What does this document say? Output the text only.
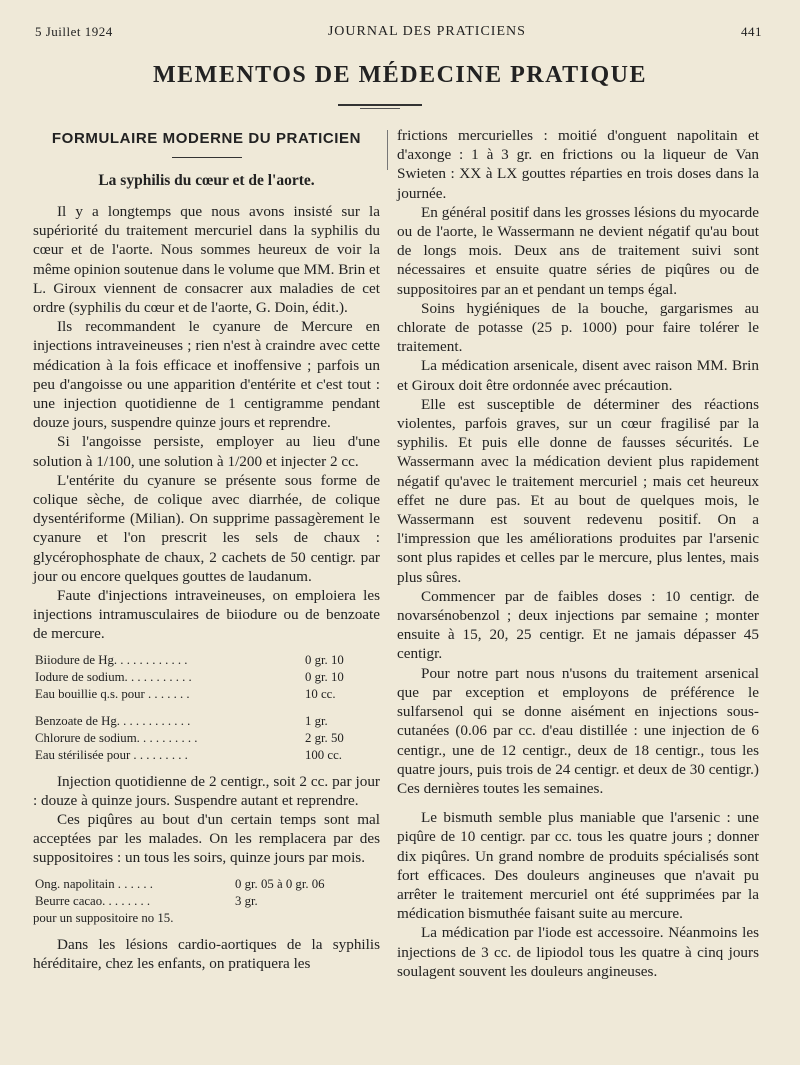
5 Juillet 1924	JOURNAL DES PRATICIENS	441
MEMENTOS DE MÉDECINE PRATIQUE
FORMULAIRE MODERNE DU PRATICIEN
La syphilis du cœur et de l'aorte.

Il y a longtemps que nous avons insisté sur la supériorité du traitement mercuriel dans la syphilis du cœur et de l'aorte. Nous sommes heureux de voir la même opinion soutenue dans le volume que MM. Brin et L. Giroux viennent de consacrer aux maladies de cet ordre (syphilis du cœur et de l'aorte, G. Doin, édit.).

Ils recommandent le cyanure de Mercure en injections intraveineuses ; rien n'est à craindre avec cette médication à la fois efficace et inoffensive ; parfois un peu d'angoisse ou une apparition d'entérite et c'est tout : une injection quotidienne de 1 centigramme pendant douze jours, suspendre quinze jours et reprendre.

Si l'angoisse persiste, employer au lieu d'une solution à 1/100, une solution à 1/200 et injecter 2 cc.

L'entérite du cyanure se présente sous forme de colique sèche, de colique avec diarrhée, de colique dysentériforme (Milian). On supprime passagèrement le cyanure et l'on prescrit les sels de chaux : glycérophosphate de chaux, 2 cachets de 50 centigr. par jour ou encore quelques gouttes de laudanum.

Faute d'injections intraveineuses, on emploiera les injections intramusculaires de biiodure ou de benzoate de mercure.

Biiodure de Hg. . . . . . . . . . . .	0 gr. 10
Iodure de sodium. . . . . . . . . . .	0 gr. 10
Eau bouillie q.s. pour . . . . . . .	10 cc.
Benzoate de Hg. . . . . . . . . . . .	1 gr.
Chlorure de sodium. . . . . . . . . .	2 gr. 50
Eau stérilisée pour . . . . . . . . .	100 cc.

Injection quotidienne de 2 centigr., soit 2 cc. par jour : douze à quinze jours. Suspendre autant et reprendre.

Ces piqûres au bout d'un certain temps sont mal acceptées par les malades. On les remplacera par des suppositoires : un tous les soirs, quinze jours par mois.

Ong. napolitain . . . . . .	0 gr. 05 à 0 gr. 06
Beurre cacao. . . . . . . .	3 gr.
pour un suppositoire no 15.

Dans les lésions cardio-aortiques de la syphilis héréditaire, chez les enfants, on pratiquera les

frictions mercurielles : moitié d'onguent napolitain et d'axonge : 1 à 3 gr. en frictions ou la liqueur de Van Swieten : XX à LX gouttes réparties en trois doses dans la journée.

En général positif dans les grosses lésions du myocarde ou de l'aorte, le Wassermann ne devient négatif qu'au bout de longs mois. Deux ans de traitement suivi sont nécessaires et ensuite quatre séries de piqûres ou de suppositoires par an et pendant un temps égal.

Soins hygiéniques de la bouche, gargarismes au chlorate de potasse (25 p. 1000) pour faire tolérer le traitement.

La médication arsenicale, disent avec raison MM. Brin et Giroux doit être ordonnée avec précaution.

Elle est susceptible de déterminer des réactions violentes, parfois graves, sur un cœur fragilisé par la syphilis. Et puis elle donne de fausses sécurités. Le Wassermann avec la médication devient plus rapidement négatif qu'avec le traitement mercuriel ; mais cet heureux effet ne dure pas. Et au bout de quelques mois, le Wassermann est souvent redevenu positif. On a l'impression que les améliorations produites par l'arsenic sont plus rapides et celles par le mercure, plus lentes, mais plus sûres.

Commencer par de faibles doses : 10 centigr. de novarsénobenzol ; deux injections par semaine ; monter ensuite à 15, 20, 25 centigr. Et ne jamais dépasser 45 centigr.

Pour notre part nous n'usons du traitement arsenical que par exception et employons de préférence le sulfarsenol qui se donne aisément en injections sous-cutanées (0.06 par cc. d'eau distillée : une injection de 6 centigr., une de 12 centigr., deux de 18 centigr., tous les quatre jours, puis trois de 24 centigr. et deux de 30 centigr.) Ces dernières toutes les semaines.

Le bismuth semble plus maniable que l'arsenic : une piqûre de 10 centigr. par cc. tous les quatre jours ; donner dix piqûres. Un grand nombre de produits spécialisés sont fort efficaces. Des douleurs angineuses que n'avait pu arrêter le traitement mercuriel ont été supprimées par la médication bismuthée faisant suite au mercure.

La médication par l'iode est accessoire. Néanmoins les injections de 3 cc. de lipiodol tous les quatre à cinq jours soulagent souvent les douleurs angineuses.
